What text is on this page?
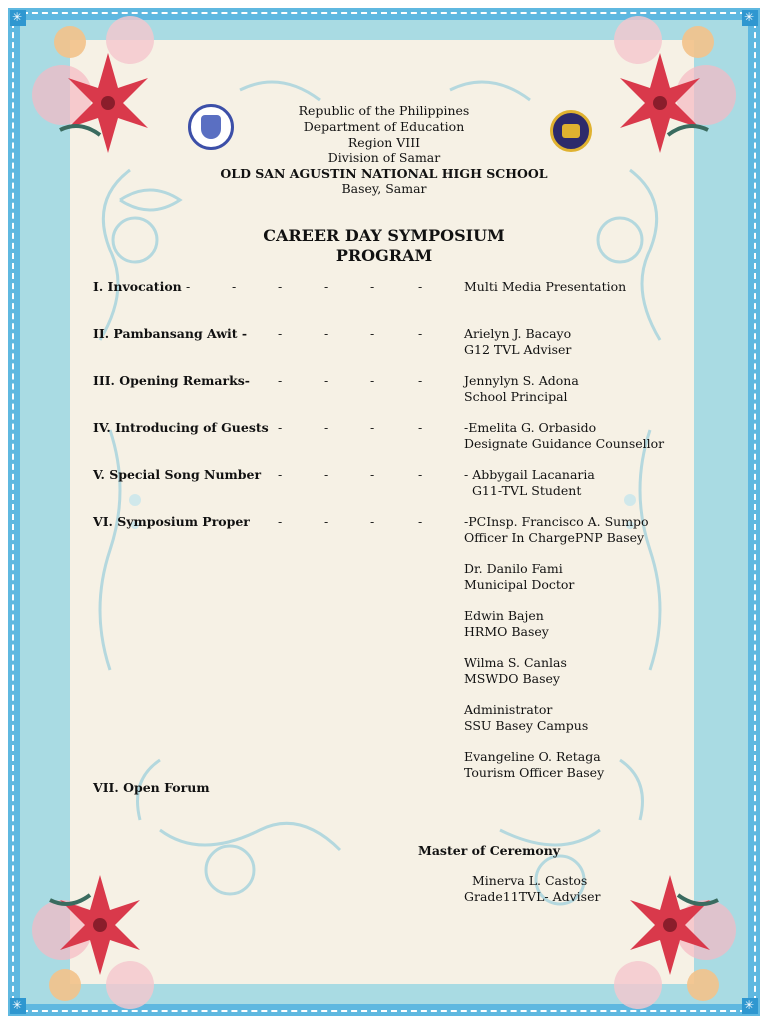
✳
✳
✳
✳
Republic of the Philippines
Department of Education
Region VIII
Division of Samar
OLD SAN AGUSTIN NATIONAL HIGH SCHOOL
Basey, Samar
CAREER DAY SYMPOSIUM
PROGRAM
I. Invocation -	-	-	-	-	-	Multi Media Presentation
II. Pambansang Awit - -	-	-	-	Arielyn J. Bacayo
G12 TVL Adviser
III. Opening Remarks- -	-	-	-	Jennylyn S. Adona
School Principal
IV. Introducing of Guests -	-	-	-	-Emelita G. Orbasido
Designate Guidance Counsellor
V. Special Song Number -	-	-	-	- Abbygail Lacanaria
G11-TVL Student
VI. Symposium Proper -	-	-	-	-PCInsp. Francisco A. Sumpo
Officer In ChargePNP Basey
Dr. Danilo Fami
Municipal Doctor
Edwin Bajen
HRMO Basey
Wilma S. Canlas
MSWDO Basey
Administrator
SSU Basey Campus
Evangeline O. Retaga
Tourism Officer Basey
VII. Open Forum
Master of Ceremony
Minerva L. Castos
Grade11TVL- Adviser
